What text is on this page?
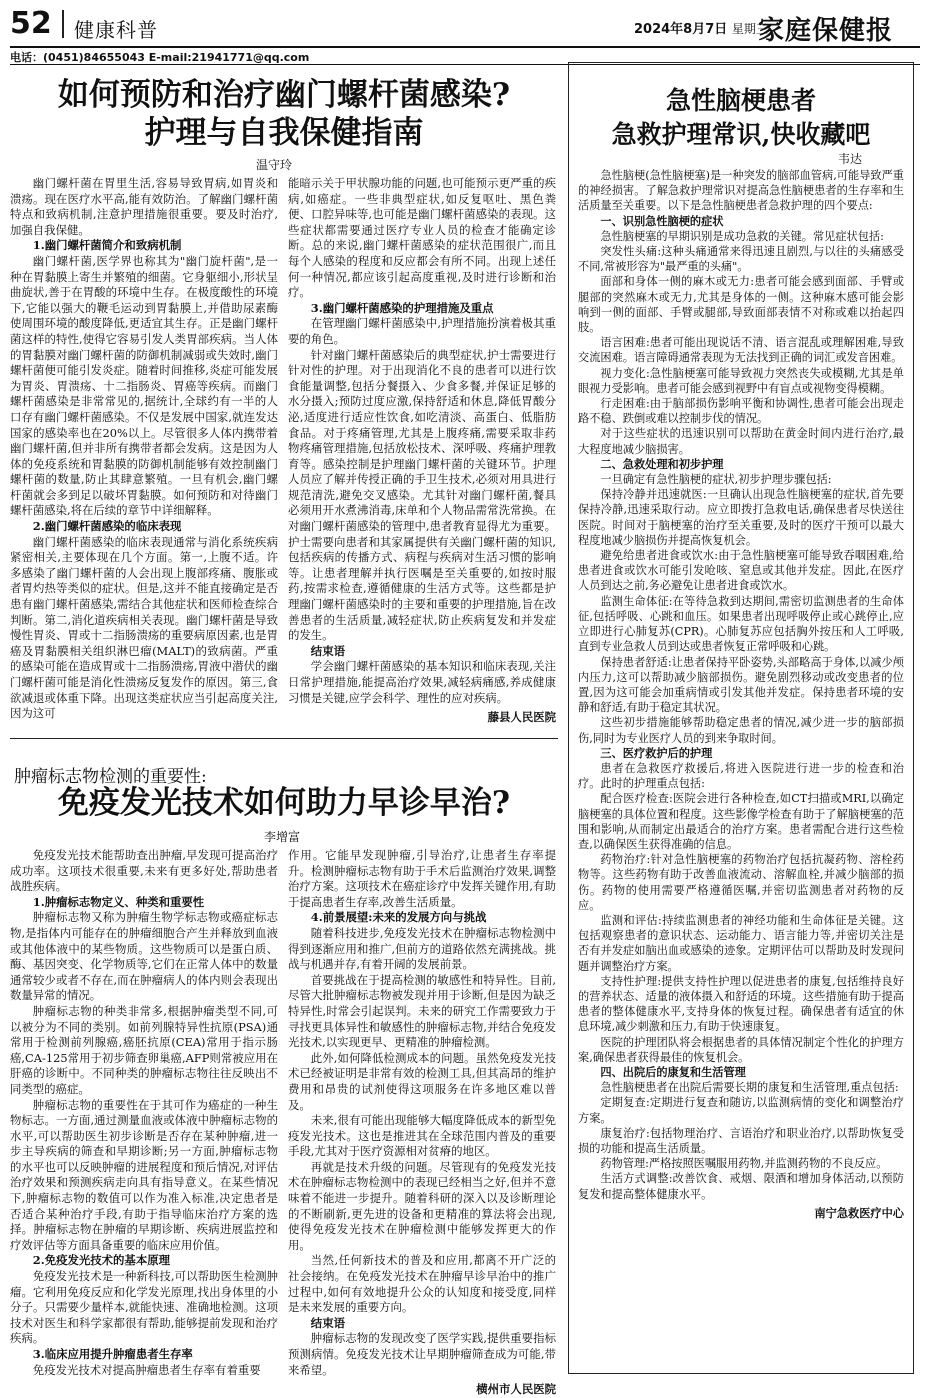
52 健康科普	2024年8月7日 星期三
家庭保健报
电话：(0451)84655043 E-mail:21941771@qq.com
如何预防和治疗幽门螺杆菌感染?
护理与自我保健指南
温守玲

幽门螺杆菌在胃里生活,容易导致胃病,如胃炎和溃疡。现在医疗水平高,能有效防治。了解幽门螺杆菌特点和致病机制,注意护理措施很重要。要及时治疗,加强自我保健。

1.幽门螺杆菌简介和致病机制

幽门螺杆菌,医学界也称其为"幽门旋杆菌",是一种在胃黏膜上寄生并繁殖的细菌。它身躯细小,形状呈曲旋状,善于在胃酸的环境中生存。在极度酸性的环境下,它能以强大的鞭毛运动到胃黏膜上,并借助尿素酶使周围环境的酸度降低,更适宜其生存。正是幽门螺杆菌这样的特性,使得它容易引发人类胃部疾病。当人体的胃黏膜对幽门螺杆菌的防御机制减弱或失效时,幽门螺杆菌便可能引发炎症。随着时间推移,炎症可能发展为胃炎、胃溃疡、十二指肠炎、胃癌等疾病。而幽门螺杆菌感染是非常常见的,据统计,全球约有一半的人口存有幽门螺杆菌感染。不仅是发展中国家,就连发达国家的感染率也在20%以上。尽管很多人体内携带着幽门螺杆菌,但并非所有携带者都会发病。这是因为人体的免疫系统和胃黏膜的防御机制能够有效控制幽门螺杆菌的数量,防止其肆意繁殖。一旦有机会,幽门螺杆菌就会多到足以破坏胃黏膜。如何预防和对待幽门螺杆菌感染,将在后续的章节中详细解释。

2.幽门螺杆菌感染的临床表现

幽门螺杆菌感染的临床表现通常与消化系统疾病紧密相关,主要体现在几个方面。第一,上腹不适。许多感染了幽门螺杆菌的人会出现上腹部疼痛、腹胀或者胃灼热等类似的症状。但是,这并不能直接确定是否患有幽门螺杆菌感染,需结合其他症状和医师检查综合判断。第二,消化道疾病相关表现。幽门螺杆菌是导致慢性胃炎、胃或十二指肠溃疡的重要病原因素,也是胃癌及胃黏膜相关组织淋巴瘤(MALT)的致病菌。严重的感染可能在造成胃或十二指肠溃疡,胃液中潜伏的幽门螺杆菌可能是消化性溃疡反复发作的原因。第三,食欲减退或体重下降。出现这类症状应当引起高度关注,因为这可

能暗示关于甲状腺功能的问题,也可能预示更严重的疾病,如癌症。一些非典型症状,如反复呕吐、黑色粪便、口腔异味等,也可能是幽门螺杆菌感染的表现。这些症状都需要通过医疗专业人员的检查才能确定诊断。总的来说,幽门螺杆菌感染的症状范围很广,而且每个人感染的程度和反应都会有所不同。出现上述任何一种情况,都应该引起高度重视,及时进行诊断和治疗。

3.幽门螺杆菌感染的护理措施及重点

在管理幽门螺杆菌感染中,护理措施扮演着极其重要的角色。

针对幽门螺杆菌感染后的典型症状,护士需要进行针对性的护理。对于出现消化不良的患者可以进行饮食能量调整,包括分餐摄入、少食多餐,并保证足够的水分摄入;预防过度应激,保持舒适和休息,降低胃酸分泌,适度进行适应性饮食,如吃清淡、高蛋白、低脂肪食品。对于疼痛管理,尤其是上腹疼痛,需要采取非药物疼痛管理措施,包括放松技术、深呼吸、疼痛护理教育等。感染控制是护理幽门螺杆菌的关键环节。护理人员应了解并传授正确的手卫生技术,必须对用具进行规范清洗,避免交叉感染。尤其针对幽门螺杆菌,餐具必须用开水煮沸消毒,床单和个人物品需常洗常换。在对幽门螺杆菌感染的管理中,患者教育显得尤为重要。护士需要向患者和其家属提供有关幽门螺杆菌的知识,包括疾病的传播方式、病程与疾病对生活习惯的影响等。让患者理解并执行医嘱是至关重要的,如按时服药,按需求检查,遵循健康的生活方式等。这些都是护理幽门螺杆菌感染时的主要和重要的护理措施,旨在改善患者的生活质量,减轻症状,防止疾病复发和并发症的发生。

结束语

学会幽门螺杆菌感染的基本知识和临床表现,关注日常护理措施,能提高治疗效果,减轻病痛感,养成健康习惯是关键,应学会科学、理性的应对疾病。

藤县人民医院

肿瘤标志物检测的重要性:
免疫发光技术如何助力早诊早治?
李增富

免疫发光技术能帮助查出肿瘤,早发现可提高治疗成功率。这项技术很重要,未来有更多好处,帮助患者战胜疾病。

1.肿瘤标志物定义、种类和重要性

肿瘤标志物又称为肿瘤生物学标志物或癌症标志物,是指体内可能存在的肿瘤细胞合产生并释放到血液或其他体液中的某些物质。这些物质可以是蛋白质、酶、基因突变、化学物质等,它们在正常人体中的数量通常较少或者不存在,而在肿瘤病人的体内则会表现出数量异常的情况。

肿瘤标志物的种类非常多,根据肿瘤类型不同,可以被分为不同的类别。如前列腺特异性抗原(PSA)通常用于检测前列腺癌,癌胚抗原(CEA)常用于指示肠癌,CA-125常用于初步筛查卵巢癌,AFP则常被应用在肝癌的诊断中。不同种类的肿瘤标志物往往反映出不同类型的癌症。

肿瘤标志物的重要性在于其可作为癌症的一种生物标志。一方面,通过测量血液或体液中肿瘤标志物的水平,可以帮助医生初步诊断是否存在某种肿瘤,进一步主导疾病的筛查和早期诊断;另一方面,肿瘤标志物的水平也可以反映肿瘤的进展程度和预后情况,对评估治疗效果和预测疾病走向具有指导意义。在某些情况下,肿瘤标志物的数值可以作为准入标准,决定患者是否适合某种治疗手段,有助于指导临床治疗方案的选择。肿瘤标志物在肿瘤的早期诊断、疾病进展监控和疗效评估等方面具备重要的临床应用价值。

2.免疫发光技术的基本原理

免疫发光技术是一种新科技,可以帮助医生检测肿瘤。它利用免疫反应和化学发光原理,找出身体里的小分子。只需要少量样本,就能快速、准确地检测。这项技术对医生和科学家都很有帮助,能够提前发现和治疗疾病。

3.临床应用提升肿瘤患者生存率

免疫发光技术对提高肿瘤患者生存率有着重要

作用。它能早发现肿瘤,引导治疗,让患者生存率提升。检测肿瘤标志物有助于手术后监测治疗效果,调整治疗方案。这项技术在癌症诊疗中发挥关键作用,有助于提高患者生存率,改善生活质量。

4.前景展望:未来的发展方向与挑战

随着科技进步,免疫发光技术在肿瘤标志物检测中得到逐渐应用和推广,但前方的道路依然充满挑战。挑战与机遇并存,有着开阔的发展前景。

首要挑战在于提高检测的敏感性和特异性。目前,尽管大批肿瘤标志物被发现并用于诊断,但是因为缺乏特异性,时常会引起误判。未来的研究工作需要致力于寻找更具体异性和敏感性的肿瘤标志物,并结合免疫发光技术,以实现更早、更精准的肿瘤检测。

此外,如何降低检测成本的问题。虽然免疫发光技术已经被证明是非常有效的检测工具,但其高昂的维护费用和昂贵的试剂使得这项服务在许多地区难以普及。

未来,很有可能出现能够大幅度降低成本的新型免疫发光技术。这也是推进其在全球范围内普及的重要手段,尤其对于医疗资源相对贫瘠的地区。

再就是技术升级的问题。尽管现有的免疫发光技术在肿瘤标志物检测中的表现已经相当之好,但并不意味着不能进一步提升。随着科研的深入以及诊断理论的不断刷新,更先进的设备和更精准的算法将会出现,使得免疫发光技术在肿瘤检测中能够发挥更大的作用。

当然,任何新技术的普及和应用,都离不开广泛的社会接纳。在免疫发光技术在肿瘤早诊早治中的推广过程中,如何有效地提升公众的认知度和接受度,同样是未来发展的重要方向。

结束语

肿瘤标志物的发现改变了医学实践,提供重要指标预测病情。免疫发光技术让早期肿瘤筛查成为可能,带来希望。

横州市人民医院

急性脑梗患者
急救护理常识,快收藏吧
韦达

急性脑梗(急性脑梗塞)是一种突发的脑部血管病,可能导致严重的神经损害。了解急救护理常识对提高急性脑梗患者的生存率和生活质量至关重要。以下是急性脑梗患者急救护理的四个要点:

一、识别急性脑梗的症状

急性脑梗塞的早期识别是成功急救的关键。常见症状包括:

突发性头痛:这种头痛通常来得迅速且剧烈,与以往的头痛感受不同,常被形容为"最严重的头痛"。

面部和身体一侧的麻木或无力:患者可能会感到面部、手臂或腿部的突然麻木或无力,尤其是身体的一侧。这种麻木感可能会影响到一侧的面部、手臂或腿部,导致面部表情不对称或难以抬起四肢。

语言困难:患者可能出现说话不清、语言混乱或理解困难,导致交流困难。语言障碍通常表现为无法找到正确的词汇或发音困难。

视力变化:急性脑梗塞可能导致视力突然丧失或模糊,尤其是单眼视力受影响。患者可能会感到视野中有盲点或视物变得模糊。

行走困难:由于脑部损伤影响平衡和协调性,患者可能会出现走路不稳、跌倒或难以控制步伐的情况。

对于这些症状的迅速识别可以帮助在黄金时间内进行治疗,最大程度地减少脑损害。

二、急救处理和初步护理

一旦确定有急性脑梗的症状,初步护理步骤包括:

保持冷静并迅速就医:一旦确认出现急性脑梗塞的症状,首先要保持冷静,迅速采取行动。应立即拨打急救电话,确保患者尽快送往医院。时间对于脑梗塞的治疗至关重要,及时的医疗干预可以最大程度地减少脑损伤并提高恢复机会。

避免给患者进食或饮水:由于急性脑梗塞可能导致吞咽困难,给患者进食或饮水可能引发呛咳、窒息或其他并发症。因此,在医疗人员到达之前,务必避免让患者进食或饮水。

监测生命体征:在等待急救到达期间,需密切监测患者的生命体征,包括呼吸、心跳和血压。如果患者出现呼吸停止或心跳停止,应立即进行心肺复苏(CPR)。心肺复苏应包括胸外按压和人工呼吸,直到专业急救人员到达或患者恢复正常呼吸和心跳。

保持患者舒适:让患者保持平卧姿势,头部略高于身体,以减少颅内压力,这可以帮助减少脑部损伤。避免剧烈移动或改变患者的位置,因为这可能会加重病情或引发其他并发症。保持患者环境的安静和舒适,有助于稳定其状况。

这些初步措施能够帮助稳定患者的情况,减少进一步的脑部损伤,同时为专业医疗人员的到来争取时间。

三、医疗救护后的护理

患者在急救医疗救援后,将进入医院进行进一步的检查和治疗。此时的护理重点包括:

配合医疗检查:医院会进行各种检查,如CT扫描或MRI,以确定脑梗塞的具体位置和程度。这些影像学检查有助于了解脑梗塞的范围和影响,从而制定出最适合的治疗方案。患者需配合进行这些检查,以确保医生获得准确的信息。

药物治疗:针对急性脑梗塞的药物治疗包括抗凝药物、溶栓药物等。这些药物有助于改善血液流动、溶解血栓,并减少脑部的损伤。药物的使用需要严格遵循医嘱,并密切监测患者对药物的反应。

监测和评估:持续监测患者的神经功能和生命体征是关键。这包括观察患者的意识状态、运动能力、语言能力等,并密切关注是否有并发症如脑出血或感染的迹象。定期评估可以帮助及时发现问题并调整治疗方案。

支持性护理:提供支持性护理以促进患者的康复,包括维持良好的营养状态、适量的液体摄入和舒适的环境。这些措施有助于提高患者的整体健康水平,支持身体的恢复过程。确保患者有适宜的休息环境,减少刺激和压力,有助于快速康复。

医院的护理团队将会根据患者的具体情况制定个性化的护理方案,确保患者获得最佳的恢复机会。

四、出院后的康复和生活管理

急性脑梗患者在出院后需要长期的康复和生活管理,重点包括:

定期复查:定期进行复查和随访,以监测病情的变化和调整治疗方案。

康复治疗:包括物理治疗、言语治疗和职业治疗,以帮助恢复受损的功能和提高生活质量。

药物管理:严格按照医嘱服用药物,并监测药物的不良反应。

生活方式调整:改善饮食、戒烟、限酒和增加身体活动,以预防复发和提高整体健康水平。

南宁急救医疗中心
